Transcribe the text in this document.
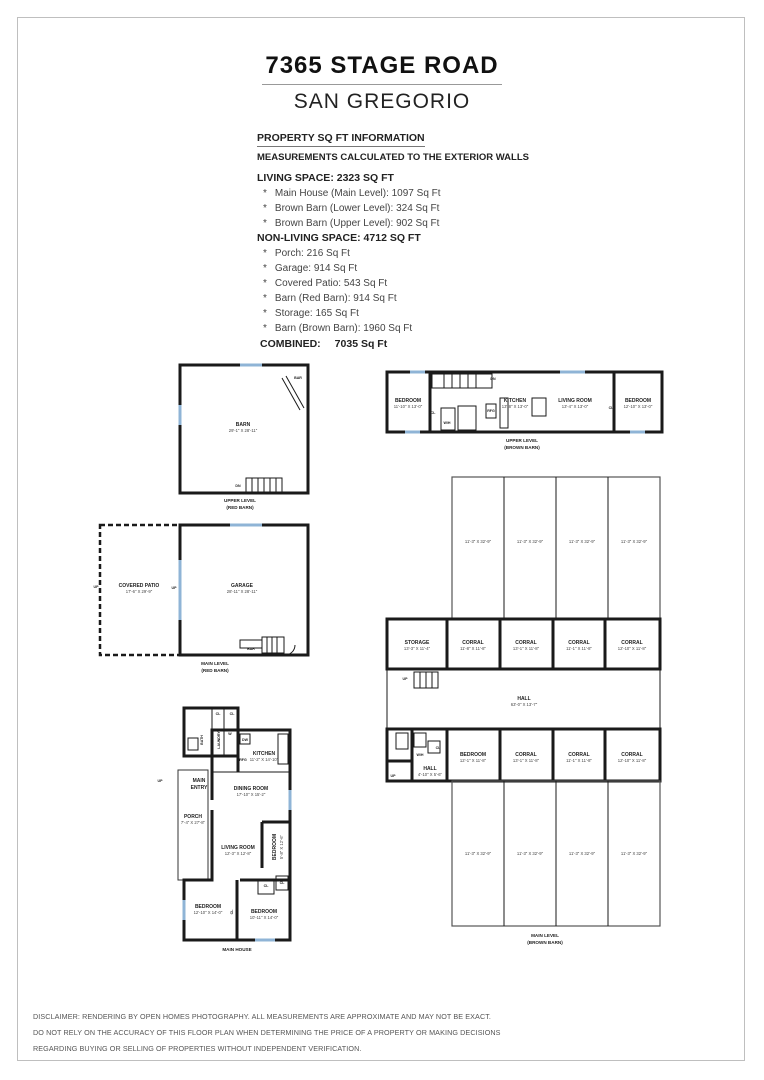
7365 STAGE ROAD
SAN GREGORIO
PROPERTY SQ FT INFORMATION
MEASUREMENTS CALCULATED TO THE EXTERIOR WALLS
LIVING SPACE: 2323 SQ FT
* Main House (Main Level): 1097 Sq Ft
* Brown Barn (Lower Level): 324 Sq Ft
* Brown Barn (Upper Level): 902 Sq Ft
NON-LIVING SPACE: 4712 SQ FT
* Porch: 216 Sq Ft
* Garage: 914 Sq Ft
* Covered Patio: 543 Sq Ft
* Barn (Red Barn): 914 Sq Ft
* Storage: 165 Sq Ft
* Barn (Brown Barn): 1960 Sq Ft
COMBINED: 7035 Sq Ft
BAR
DN
BARN
29'-1" X 28'-11"
UPPER LEVEL
(RED BARN)
UP	UP
COVERED PATIO
17'-6" X 29'-9"
GARAGE
28'-11" X 28'-11"
BAR
MAIN LEVEL
(RED BARN)
DN
CL
W/H
RFG
CL
BEDROOM
11'-10" X 13'-0"
KITCHEN
13'-8" X 13'-0"
LIVING ROOM
13'-4" X 13'-0"
BEDROOM
12'-10" X 13'-0"
UPPER LEVEL
(BROWN BARN)
11'-3" X 32'-9"	11'-3" X 32'-9"	11'-3" X 32'-9"	11'-3" X 32'-9"
UP
STORAGE
13'-3" X 11'-4"
CORRAL
11'-8" X 11'-8"
CORRAL
13'-1" X 11'-8"
CORRAL
11'-1" X 11'-8"
CORRAL
12'-10" X 11'-8"
HALL
63'-0" X 13'-7"
CL
W/H
UP
HALL
4'-10" X 5'-6"
BEDROOM
12'-1" X 11'-8"
CORRAL
13'-1" X 11'-8"
CORRAL
11'-1" X 11'-8"
CORRAL
12'-10" X 11'-8"
11'-3" X 32'-9"	11'-3" X 32'-9"	11'-3" X 32'-9"	11'-3" X 32'-9"
MAIN LEVEL
(BROWN BARN)
CL	CL
W
BATH	LAUNDRY	DW
RFG
CL
CL
CL
UP
KITCHEN
11'-2" X 14'-10"
MAIN
ENTRY	DINING ROOM
17'-10" X 15'-2"
PORCH
7'-4" X 27'-8"
LIVING ROOM
12'-3" X 12'-8"	BEDROOM 5'-8" X 12'-6"
BEDROOM
12'-10" X 14'-0"	BEDROOM
10'-11" X 14'-0"
MAIN HOUSE
DISCLAIMER: RENDERING BY OPEN HOMES PHOTOGRAPHY. ALL MEASUREMENTS ARE APPROXIMATE AND MAY NOT BE EXACT.
DO NOT RELY ON THE ACCURACY OF THIS FLOOR PLAN WHEN DETERMINING THE PRICE OF A PROPERTY OR MAKING DECISIONS
REGARDING BUYING OR SELLING OF PROPERTIES WITHOUT INDEPENDENT VERIFICATION.
